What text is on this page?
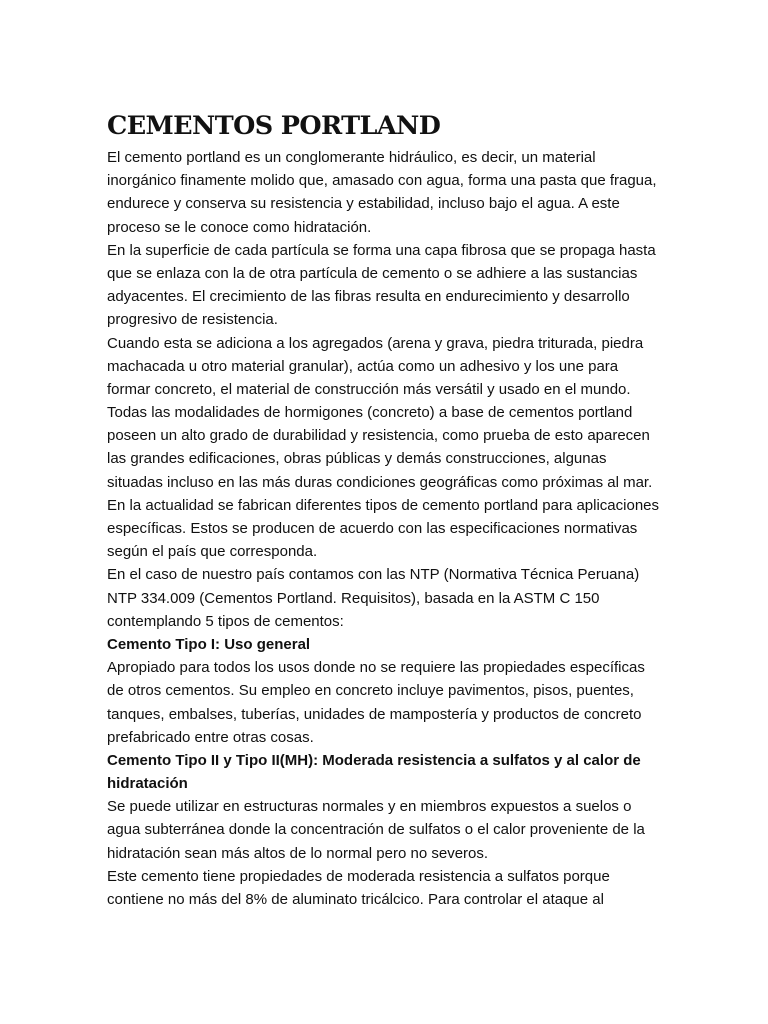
CEMENTOS PORTLAND
El cemento portland es un conglomerante hidráulico, es decir, un material
inorgánico finamente molido que, amasado con agua, forma una pasta que fragua,
endurece y conserva su resistencia y estabilidad, incluso bajo el agua. A este
proceso se le conoce como hidratación.
En la superficie de cada partícula se forma una capa fibrosa que se propaga hasta
que se enlaza con la de otra partícula de cemento o se adhiere a las sustancias
adyacentes. El crecimiento de las fibras resulta en endurecimiento y desarrollo
progresivo de resistencia.
Cuando esta se adiciona a los agregados (arena y grava, piedra triturada, piedra
machacada u otro material granular), actúa como un adhesivo y los une para
formar concreto, el material de construcción más versátil y usado en el mundo.
Todas las modalidades de hormigones (concreto) a base de cementos portland
poseen un alto grado de durabilidad y resistencia, como prueba de esto aparecen
las grandes edificaciones, obras públicas y demás construcciones, algunas
situadas incluso en las más duras condiciones geográficas como próximas al mar.
En la actualidad se fabrican diferentes tipos de cemento portland para aplicaciones
específicas. Estos se producen de acuerdo con las especificaciones normativas
según el país que corresponda.
En el caso de nuestro país contamos con las NTP (Normativa Técnica Peruana)
NTP 334.009 (Cementos Portland. Requisitos), basada en la ASTM C 150
contemplando 5 tipos de cementos:
Cemento Tipo I: Uso general
Apropiado para todos los usos donde no se requiere las propiedades específicas
de otros cementos. Su empleo en concreto incluye pavimentos, pisos, puentes,
tanques, embalses, tuberías, unidades de mampostería y productos de concreto
prefabricado entre otras cosas.
Cemento Tipo II y Tipo II(MH): Moderada resistencia a sulfatos y al calor de
hidratación
Se puede utilizar en estructuras normales y en miembros expuestos a suelos o
agua subterránea donde la concentración de sulfatos o el calor proveniente de la
hidratación sean más altos de lo normal pero no severos.
Este cemento tiene propiedades de moderada resistencia a sulfatos porque
contiene no más del 8% de aluminato tricálcico. Para controlar el ataque al
